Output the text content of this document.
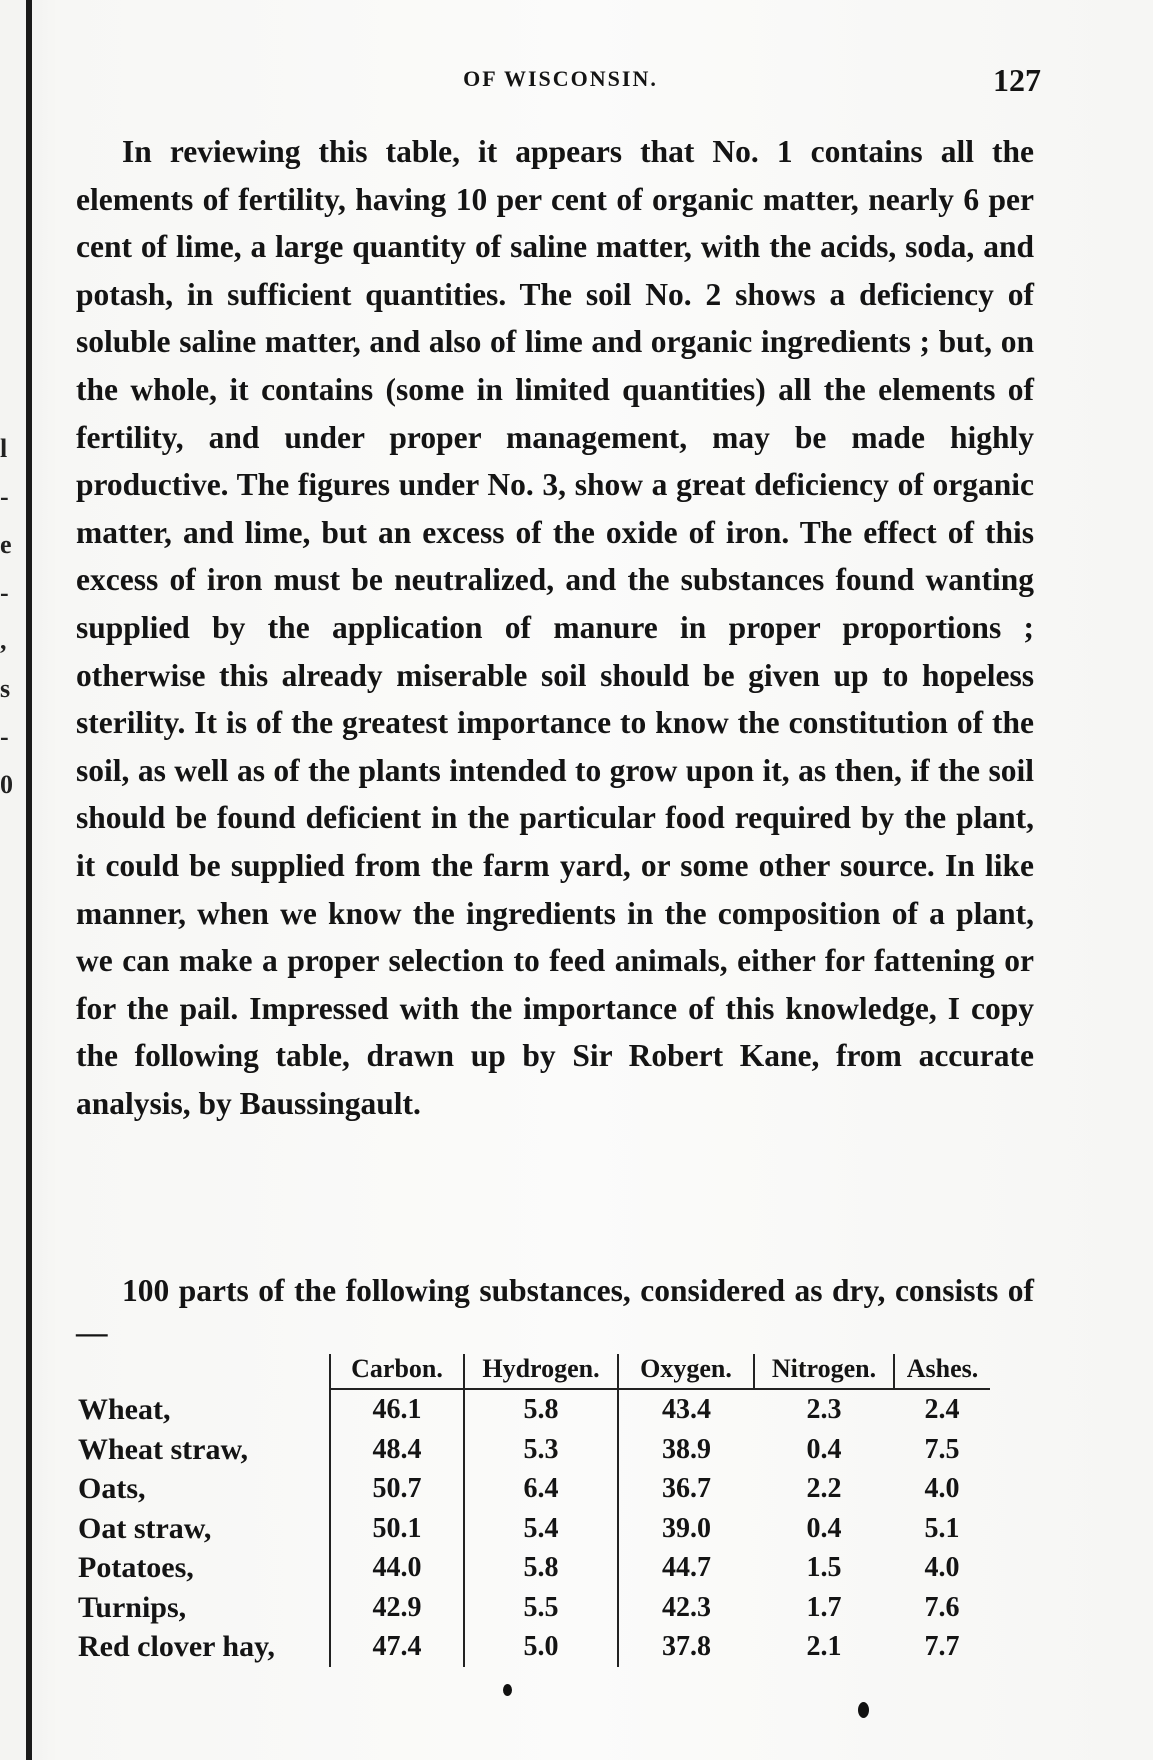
l
-
e
-
,
s
-
0
OF WISCONSIN.	127

In reviewing this table, it appears that No. 1 contains all the elements of fertility, having 10 per cent of organic matter, nearly 6 per cent of lime, a large quantity of saline matter, with the acids, soda, and potash, in sufficient quantities. The soil No. 2 shows a deficiency of soluble saline matter, and also of lime and organic ingredients ; but, on the whole, it contains (some in limited quantities) all the elements of fertility, and under proper management, may be made highly productive. The figures under No. 3, show a great deficiency of organic matter, and lime, but an excess of the oxide of iron. The effect of this excess of iron must be neutralized, and the substances found wanting supplied by the application of manure in proper proportions ; otherwise this already miserable soil should be given up to hopeless sterility. It is of the greatest importance to know the constitution of the soil, as well as of the plants intended to grow upon it, as then, if the soil should be found deficient in the particular food required by the plant, it could be supplied from the farm yard, or some other source. In like manner, when we know the ingredients in the composition of a plant, we can make a proper selection to feed animals, either for fattening or for the pail. Impressed with the importance of this knowledge, I copy the following table, drawn up by Sir Robert Kane, from accurate analysis, by Baussingault.

100 parts of the following substances, considered as dry, consists of—

	Carbon.	Hydrogen.	Oxygen.	Nitrogen.	Ashes.
Wheat,	46.1	5.8	43.4	2.3	2.4
Wheat straw,	48.4	5.3	38.9	0.4	7.5
Oats,	50.7	6.4	36.7	2.2	4.0
Oat straw,	50.1	5.4	39.0	0.4	5.1
Potatoes,	44.0	5.8	44.7	1.5	4.0
Turnips,	42.9	5.5	42.3	1.7	7.6
Red clover hay,	47.4	5.0	37.8	2.1	7.7
